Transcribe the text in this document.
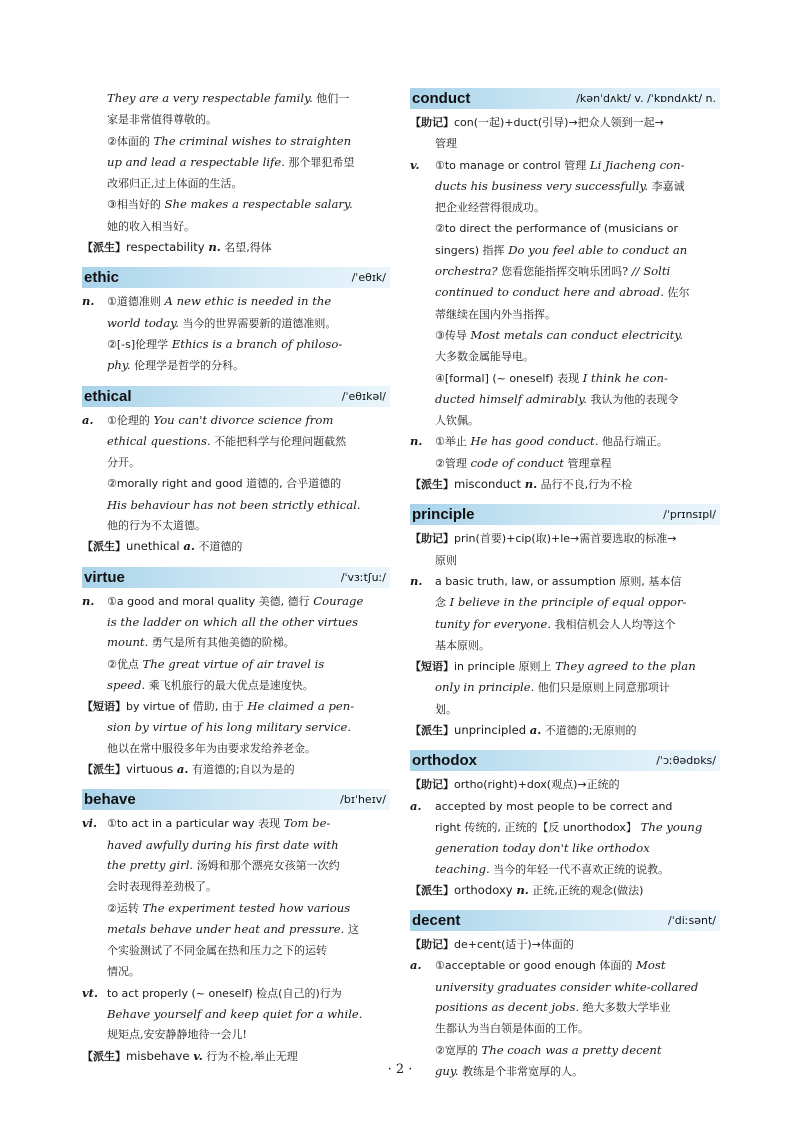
They are a very respectable family. 他们一
家是非常值得尊敬的。
②体面的 The criminal wishes to straighten
up and lead a respectable life. 那个罪犯希望
改邪归正,过上体面的生活。
③相当好的 She makes a respectable salary.
她的收入相当好。
【派生】respectability n. 名望,得体
ethic	/ˈeθɪk/
n.	①道德准则 A new ethic is needed in the
world today. 当今的世界需要新的道德准则。
②[-s]伦理学 Ethics is a branch of philoso-
phy. 伦理学是哲学的分科。
ethical	/ˈeθɪkəl/
a.	①伦理的 You can't divorce science from
ethical questions. 不能把科学与伦理问题截然
分开。
②morally right and good 道德的, 合乎道德的
His behaviour has not been strictly ethical.
他的行为不太道德。
【派生】unethical a. 不道德的
virtue	/ˈvɜːtʃuː/
n.	①a good and moral quality 美德, 德行 Courage
is the ladder on which all the other virtues
mount. 勇气是所有其他美德的阶梯。
②优点 The great virtue of air travel is
speed. 乘飞机旅行的最大优点是速度快。
【短语】by virtue of 借助, 由于 He claimed a pen-
sion by virtue of his long military service.
他以在常中服役多年为由要求发给养老金。
【派生】virtuous a. 有道德的;自以为是的
behave	/bɪˈheɪv/
vi. ①to act in a particular way 表现 Tom be-
haved awfully during his first date with
the pretty girl. 汤姆和那个漂亮女孩第一次约
会时表现得差劲极了。
②运转 The experiment tested how various
metals behave under heat and pressure. 这
个实验测试了不同金属在热和压力之下的运转
情况。
vt. to act properly (~ oneself) 检点(自己的)行为
Behave yourself and keep quiet for a while.
规矩点,安安静静地待一会儿!
【派生】misbehave v. 行为不检,举止无理
conduct	/kənˈdʌkt/ v. /ˈkɒndʌkt/ n.
【助记】con(一起)+duct(引导)→把众人领到一起→
管理
v.	①to manage or control 管理 Li Jiacheng con-
ducts his business very successfully. 李嘉诚
把企业经营得很成功。
②to direct the performance of (musicians or
singers) 指挥 Do you feel able to conduct an
orchestra? 您看您能指挥交响乐团吗? // Solti
continued to conduct here and abroad. 佐尔
蒂继续在国内外当指挥。
③传导 Most metals can conduct electricity.
大多数金属能导电。
④[formal] (~ oneself) 表现 I think he con-
ducted himself admirably. 我认为他的表现令
人钦佩。
n.	①举止 He has good conduct. 他品行端正。
②管理 code of conduct 管理章程
【派生】misconduct n. 品行不良,行为不检
principle	/ˈprɪnsɪpl/
【助记】prin(首要)+cip(取)+le→需首要选取的标准→
原则
n.	a basic truth, law, or assumption 原则, 基本信
念 I believe in the principle of equal oppor-
tunity for everyone. 我相信机会人人均等这个
基本原则。
【短语】in principle 原则上 They agreed to the plan
only in principle. 他们只是原则上同意那项计
划。
【派生】unprincipled a. 不道德的;无原则的
orthodox	/ˈɔːθədɒks/
【助记】ortho(right)+dox(观点)→正统的
a.	accepted by most people to be correct and
right 传统的, 正统的【反 unorthodox】 The young
generation today don't like orthodox
teaching. 当今的年轻一代不喜欢正统的说教。
【派生】orthodoxy n. 正统,正统的观念(做法)
decent	/ˈdiːsənt/
【助记】de+cent(适于)→体面的
a.	①acceptable or good enough 体面的 Most
university graduates consider white-collared
positions as decent jobs. 绝大多数大学毕业
生都认为当白领是体面的工作。
②宽厚的 The coach was a pretty decent
guy. 教练是个非常宽厚的人。
· 2 ·
